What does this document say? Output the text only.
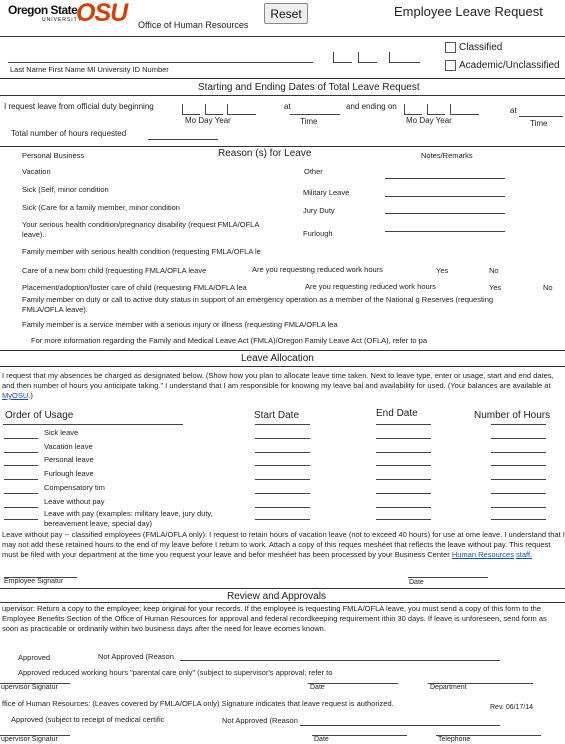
Oregon State
UNIVERSITY
OSU Office of Human Resources
Reset	Employee Leave Request
Last Name First Name MI University ID Number
Classified
Academic/Unclassified
Starting and Ending Dates of Total Leave Request
I request leave from official duty beginning	at	and ending on	at
Mo Day Year	Time	Mo Day Year	Time
Total number of hours requested
Personal Business	Reason (s) for Leave	Notes/Remarks
Vacation	Other
Sick (Self, minor condition	Military Leave
Sick (Care for a family member, minor condition	Jury Duty
Your serious health condition/pregnancy disability (request FMLA/OFLA leave).	Furlough
Family member with serious health condition (requesting FMLA/OFLA le
Care of a new born child (requesting FMLA/OFLA leave	Are you requesting reduced work hours	Yes	No
Placement/adoption/foster care of child (requesting FMLA/OFLA lea	Are you requesting reduced work hours	Yes	No
Family member on duty or call to active duty status in support of an emergency operation as a member of the National g Reserves (requesting FMLA/OFLA leave).
Family member is a service member with a serious injury or illness (requesting FMLA/OFLA lea
For more information regarding the Family and Medical Leave Act (FMLA)/Oregon Family Leave Act (OFLA), refer to pa
Leave Allocation
I request that my absences be charged as designated below. (Show how you plan to allocate leave time taken. Next to leave type, enter or usage, start and end dates, and then number of hours you anticipate taking." I understand that I am responsible for knowing my leave bal and availability for used. (Your balances are available at MyOSU.)
Order of Usage	Start Date	End Date	Number of Hours
Sick leave
Vacation leave
Personal leave
Furlough leave
Compensatory tim
Leave without pay
Leave with pay (examples: military leave, jury duty, bereavement leave, special day)
Leave without pay -- classified employees (FMLA/OFLA only): I request to retain hours of vacation leave (not to exceed 40 hours) for use at ome leave. I understand that I may not add these retained hours to the end of my leave before I return to work. Attach a copy of this reques meshéet that reflects the leave without pay. This request must be filed with your department at the time you request your leave and befor meshéet has been processed by your Business Center Human Resources staff.
Employee Signatur	Date
Review and Approvals
upervisor: Return a copy to the employee; keep original for your records. If the employee is requesting FMLA/OFLA leave, you must send a copy of this form to the Employee Benefits Section of the Office of Human Resources for approval and federal recordkeeping requirement ithin 30 days. If leave is unforeseen, send form as soon as practicable or ordinarily within two business days after the need for leave ecomes known.
Approved	Not Approved (Reason
Approved reduced working hours "parental care only" (subject to supervisor's approval; refer to
upervisor Signatur	Date	Department
ffice of Human Resources: (Leaves covered by FMLA/OFLA only) Signature indicates that leave request is authorized.	Rev. 06/17/14
Approved (subject to receipt of medical certific	Not Approved (Reason
upervisor Signatur	Date	Telephone
